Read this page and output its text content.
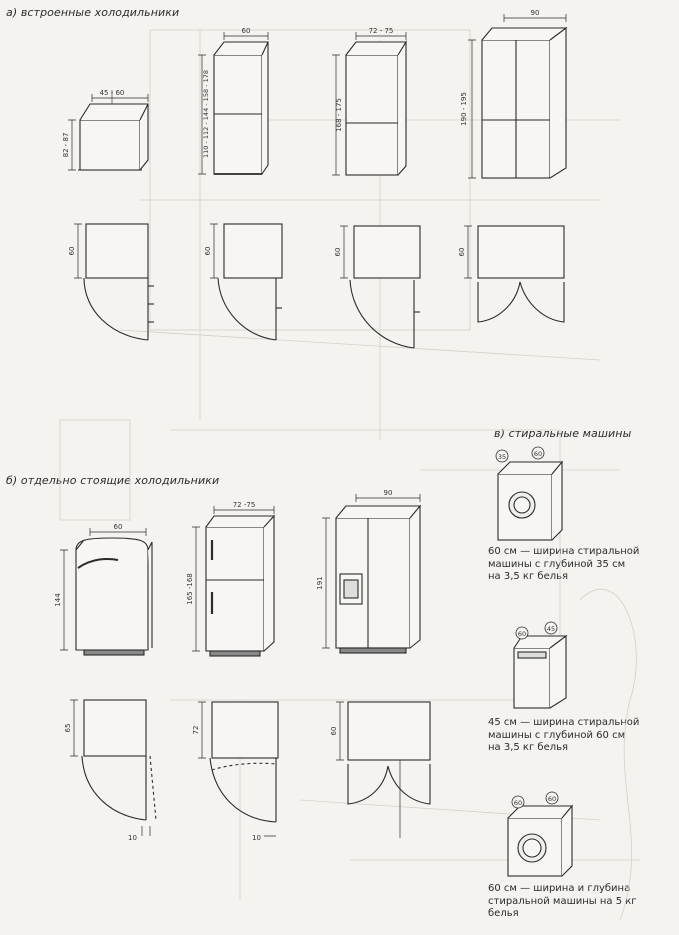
а) встроенные холодильники
б) отдельно стоящие холодильники
в) стиральные машины
60 см — ширина стиральной
машины с глубиной 35 см
на 3,5 кг белья
45 см — ширина стиральной
машины с глубиной 60 см
на 3,5 кг белья
60 см — ширина и глубина
стиральной машины на 5 кг
белья
45 - 60
82 - 87
60
110 - 112 - 144 - 158 - 178
72 - 75
168 - 175
90
190 - 195
60	60	60	60
60
144
72 -75
165 -168
90
191
65
10
72
10
60
35	60
60
45
60	60
